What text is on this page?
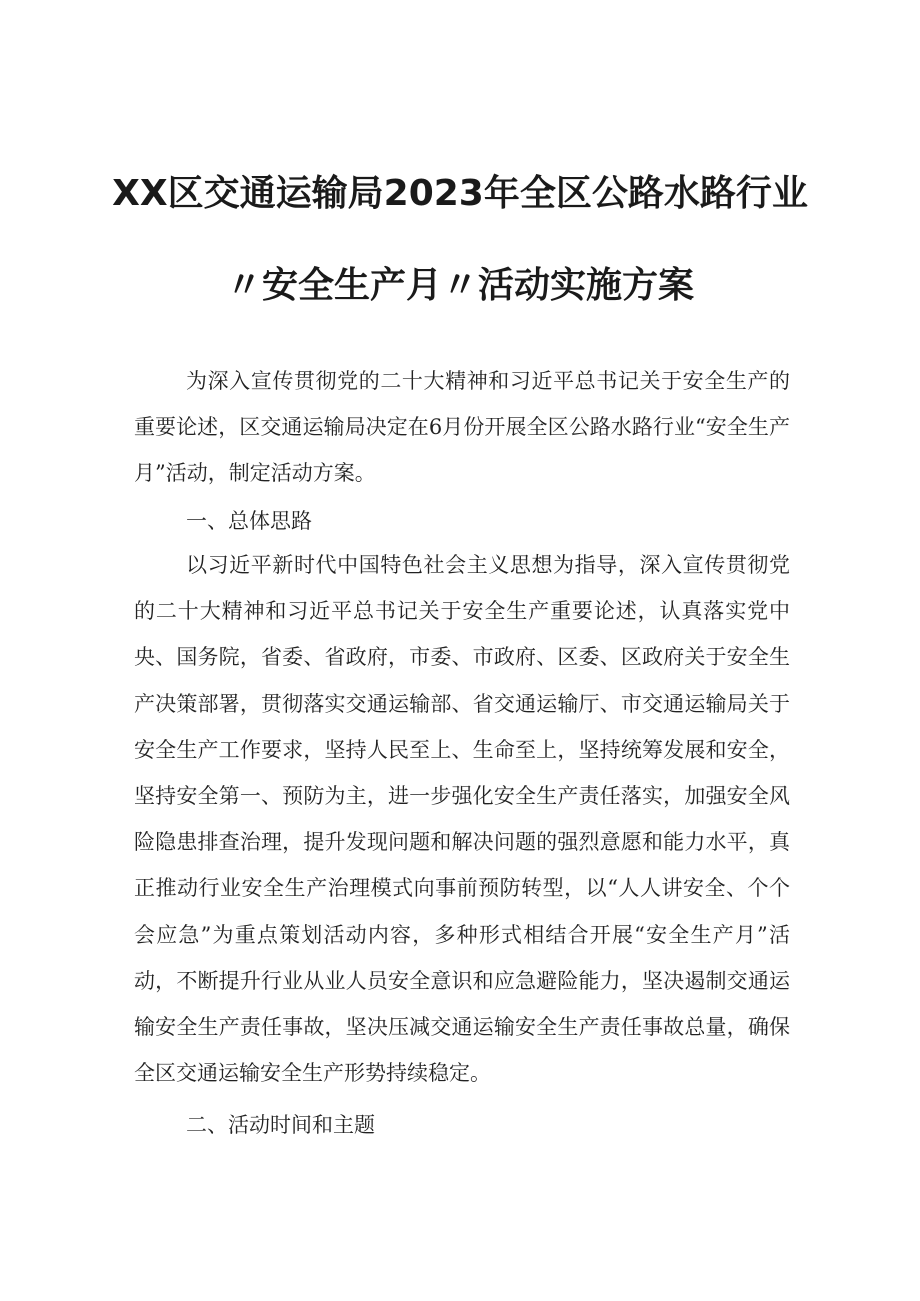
XX区交通运输局2023年全区公路水路行业
〃安全生产月〃活动实施方案

为深入宣传贯彻党的二十大精神和习近平总书记关于安全生产的重要论述，区交通运输局决定在6月份开展全区公路水路行业“安全生产月”活动，制定活动方案。

一、总体思路

以习近平新时代中国特色社会主义思想为指导，深入宣传贯彻党的二十大精神和习近平总书记关于安全生产重要论述，认真落实党中央、国务院，省委、省政府，市委、市政府、区委、区政府关于安全生产决策部署，贯彻落实交通运输部、省交通运输厅、市交通运输局关于安全生产工作要求，坚持人民至上、生命至上，坚持统筹发展和安全，坚持安全第一、预防为主，进一步强化安全生产责任落实，加强安全风险隐患排查治理，提升发现问题和解决问题的强烈意愿和能力水平，真正推动行业安全生产治理模式向事前预防转型，以“人人讲安全、个个会应急”为重点策划活动内容，多种形式相结合开展“安全生产月”活动，不断提升行业从业人员安全意识和应急避险能力，坚决遏制交通运输安全生产责任事故，坚决压减交通运输安全生产责任事故总量，确保全区交通运输安全生产形势持续稳定。

二、活动时间和主题
